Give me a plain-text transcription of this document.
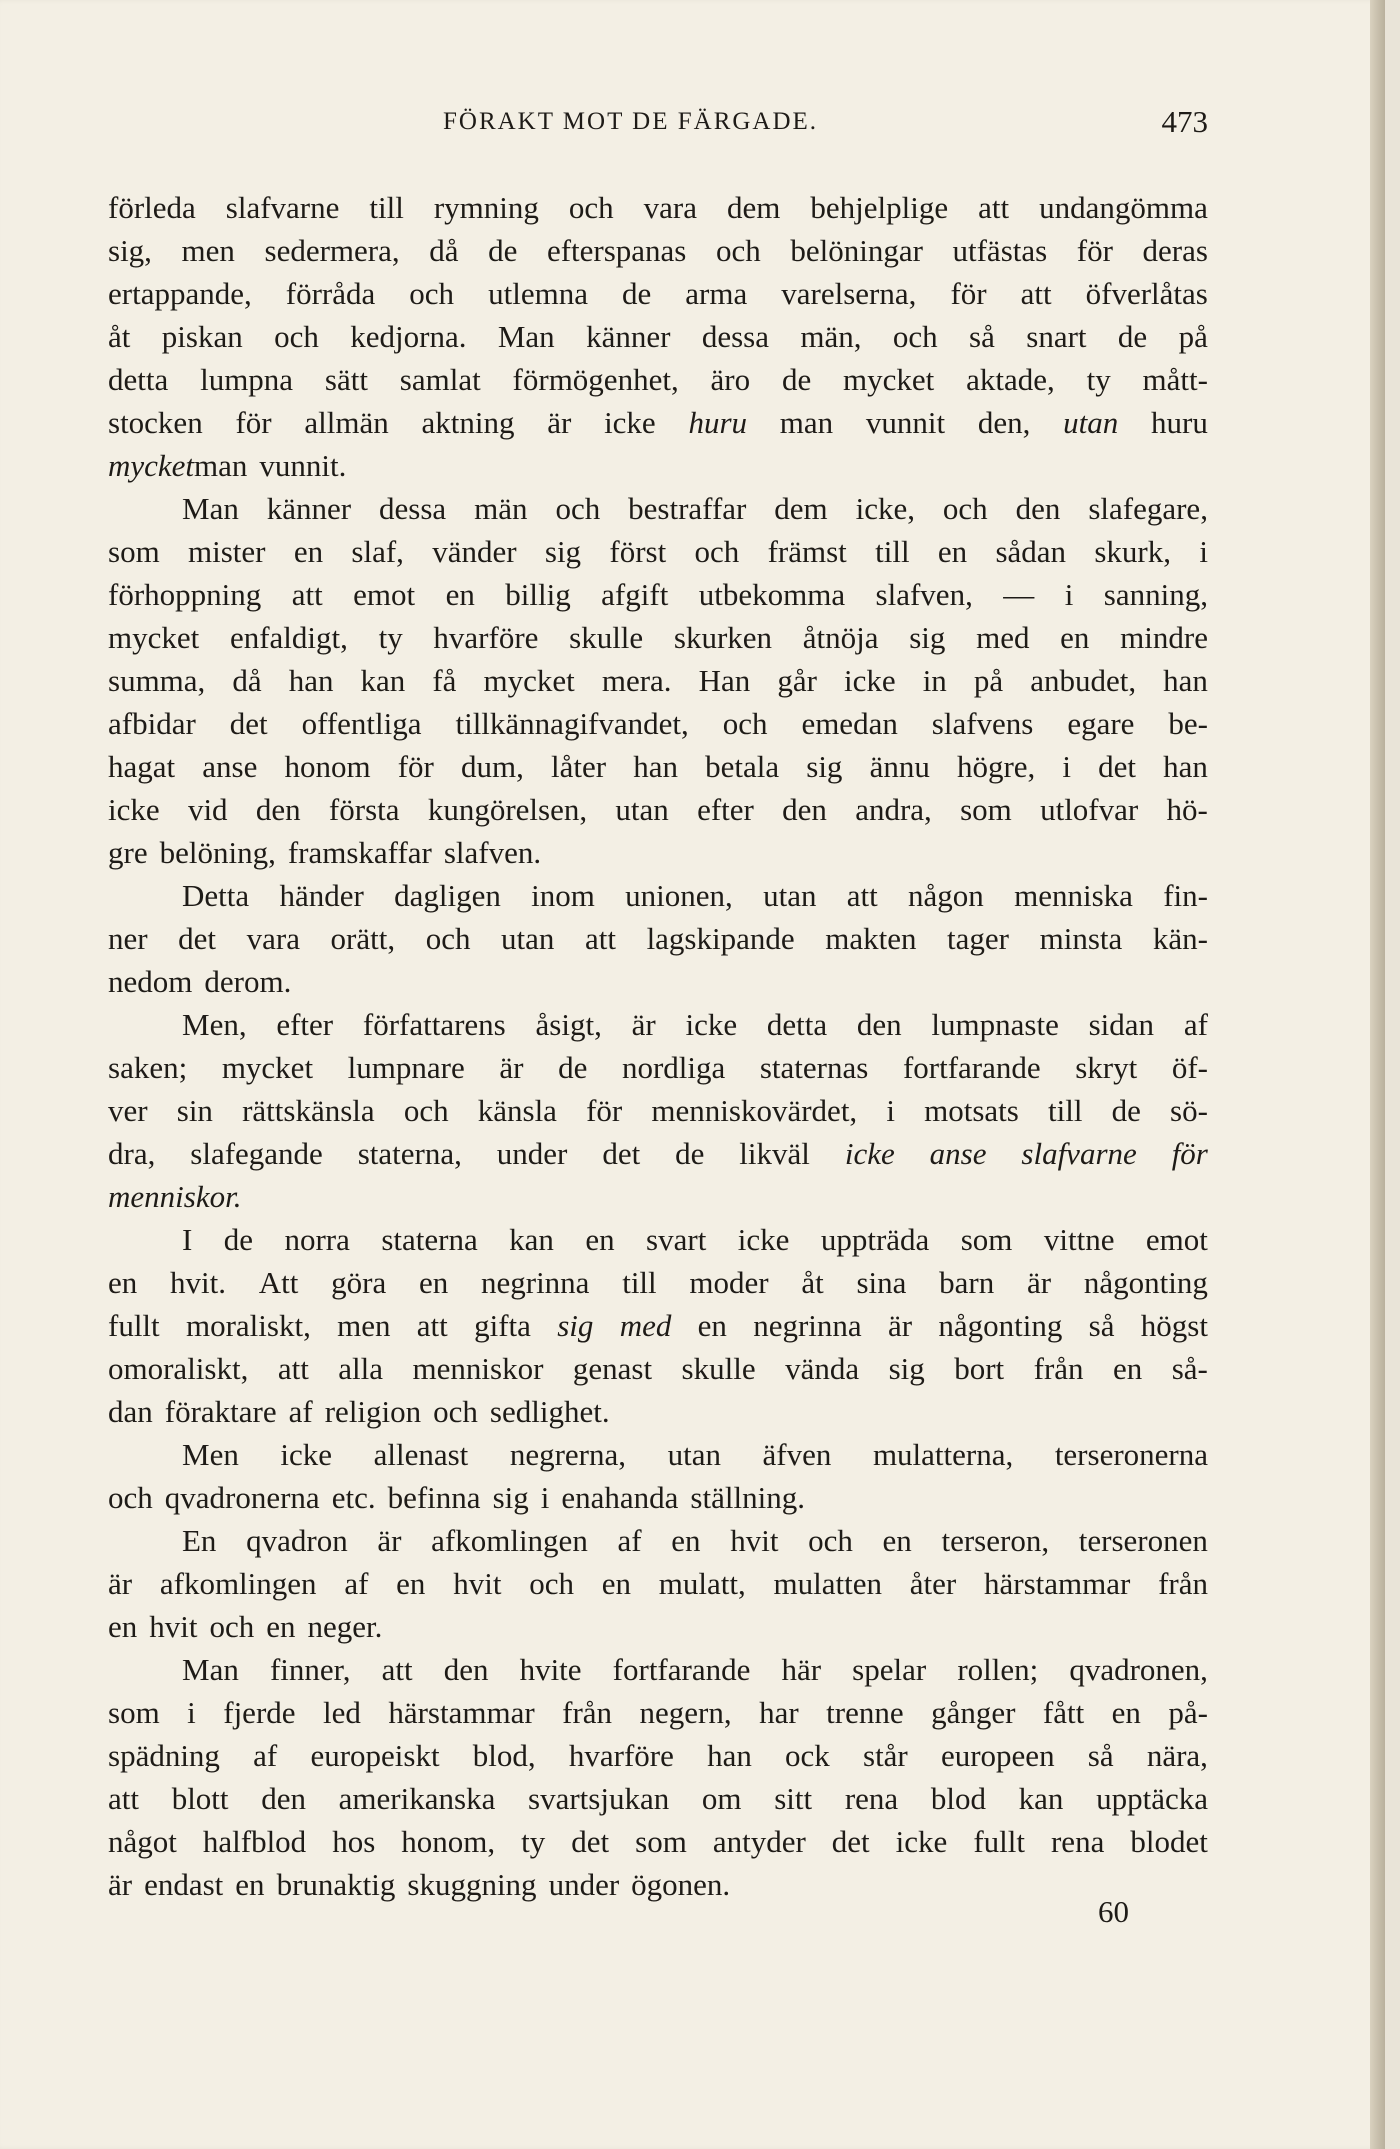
FÖRAKT MOT DE FÄRGADE.	473
förleda slafvarne till rymning och vara dem behjelplige att undangömma
sig, men sedermera, då de efterspanas och belöningar utfästas för deras
ertappande, förråda och utlemna de arma varelserna, för att öfverlåtas
åt piskan och kedjorna. Man känner dessa män, och så snart de på
detta lumpna sätt samlat förmögenhet, äro de mycket aktade, ty mått-
stocken för allmän aktning är icke huru man vunnit den, utan huru
mycket man vunnit.
Man känner dessa män och bestraffar dem icke, och den slafegare,
som mister en slaf, vänder sig först och främst till en sådan skurk, i
förhoppning att emot en billig afgift utbekomma slafven, — i sanning,
mycket enfaldigt, ty hvarföre skulle skurken åtnöja sig med en mindre
summa, då han kan få mycket mera. Han går icke in på anbudet, han
afbidar det offentliga tillkännagifvandet, och emedan slafvens egare be-
hagat anse honom för dum, låter han betala sig ännu högre, i det han
icke vid den första kungörelsen, utan efter den andra, som utlofvar hö-
gre belöning, framskaffar slafven.
Detta händer dagligen inom unionen, utan att någon menniska fin-
ner det vara orätt, och utan att lagskipande makten tager minsta kän-
nedom derom.
Men, efter författarens åsigt, är icke detta den lumpnaste sidan af
saken; mycket lumpnare är de nordliga staternas fortfarande skryt öf-
ver sin rättskänsla och känsla för menniskovärdet, i motsats till de sö-
dra, slafegande staterna, under det de likväl icke anse slafvarne för
menniskor.
I de norra staterna kan en svart icke uppträda som vittne emot
en hvit. Att göra en negrinna till moder åt sina barn är någonting
fullt moraliskt, men att gifta sig med en negrinna är någonting så högst
omoraliskt, att alla menniskor genast skulle vända sig bort från en så-
dan föraktare af religion och sedlighet.
Men icke allenast negrerna, utan äfven mulatterna, terseronerna
och qvadronerna etc. befinna sig i enahanda ställning.
En qvadron är afkomlingen af en hvit och en terseron, terseronen
är afkomlingen af en hvit och en mulatt, mulatten åter härstammar från
en hvit och en neger.
Man finner, att den hvite fortfarande här spelar rollen; qvadronen,
som i fjerde led härstammar från negern, har trenne gånger fått en på-
spädning af europeiskt blod, hvarföre han ock står europeen så nära,
att blott den amerikanska svartsjukan om sitt rena blod kan upptäcka
något halfblod hos honom, ty det som antyder det icke fullt rena blodet
är endast en brunaktig skuggning under ögonen.
60
